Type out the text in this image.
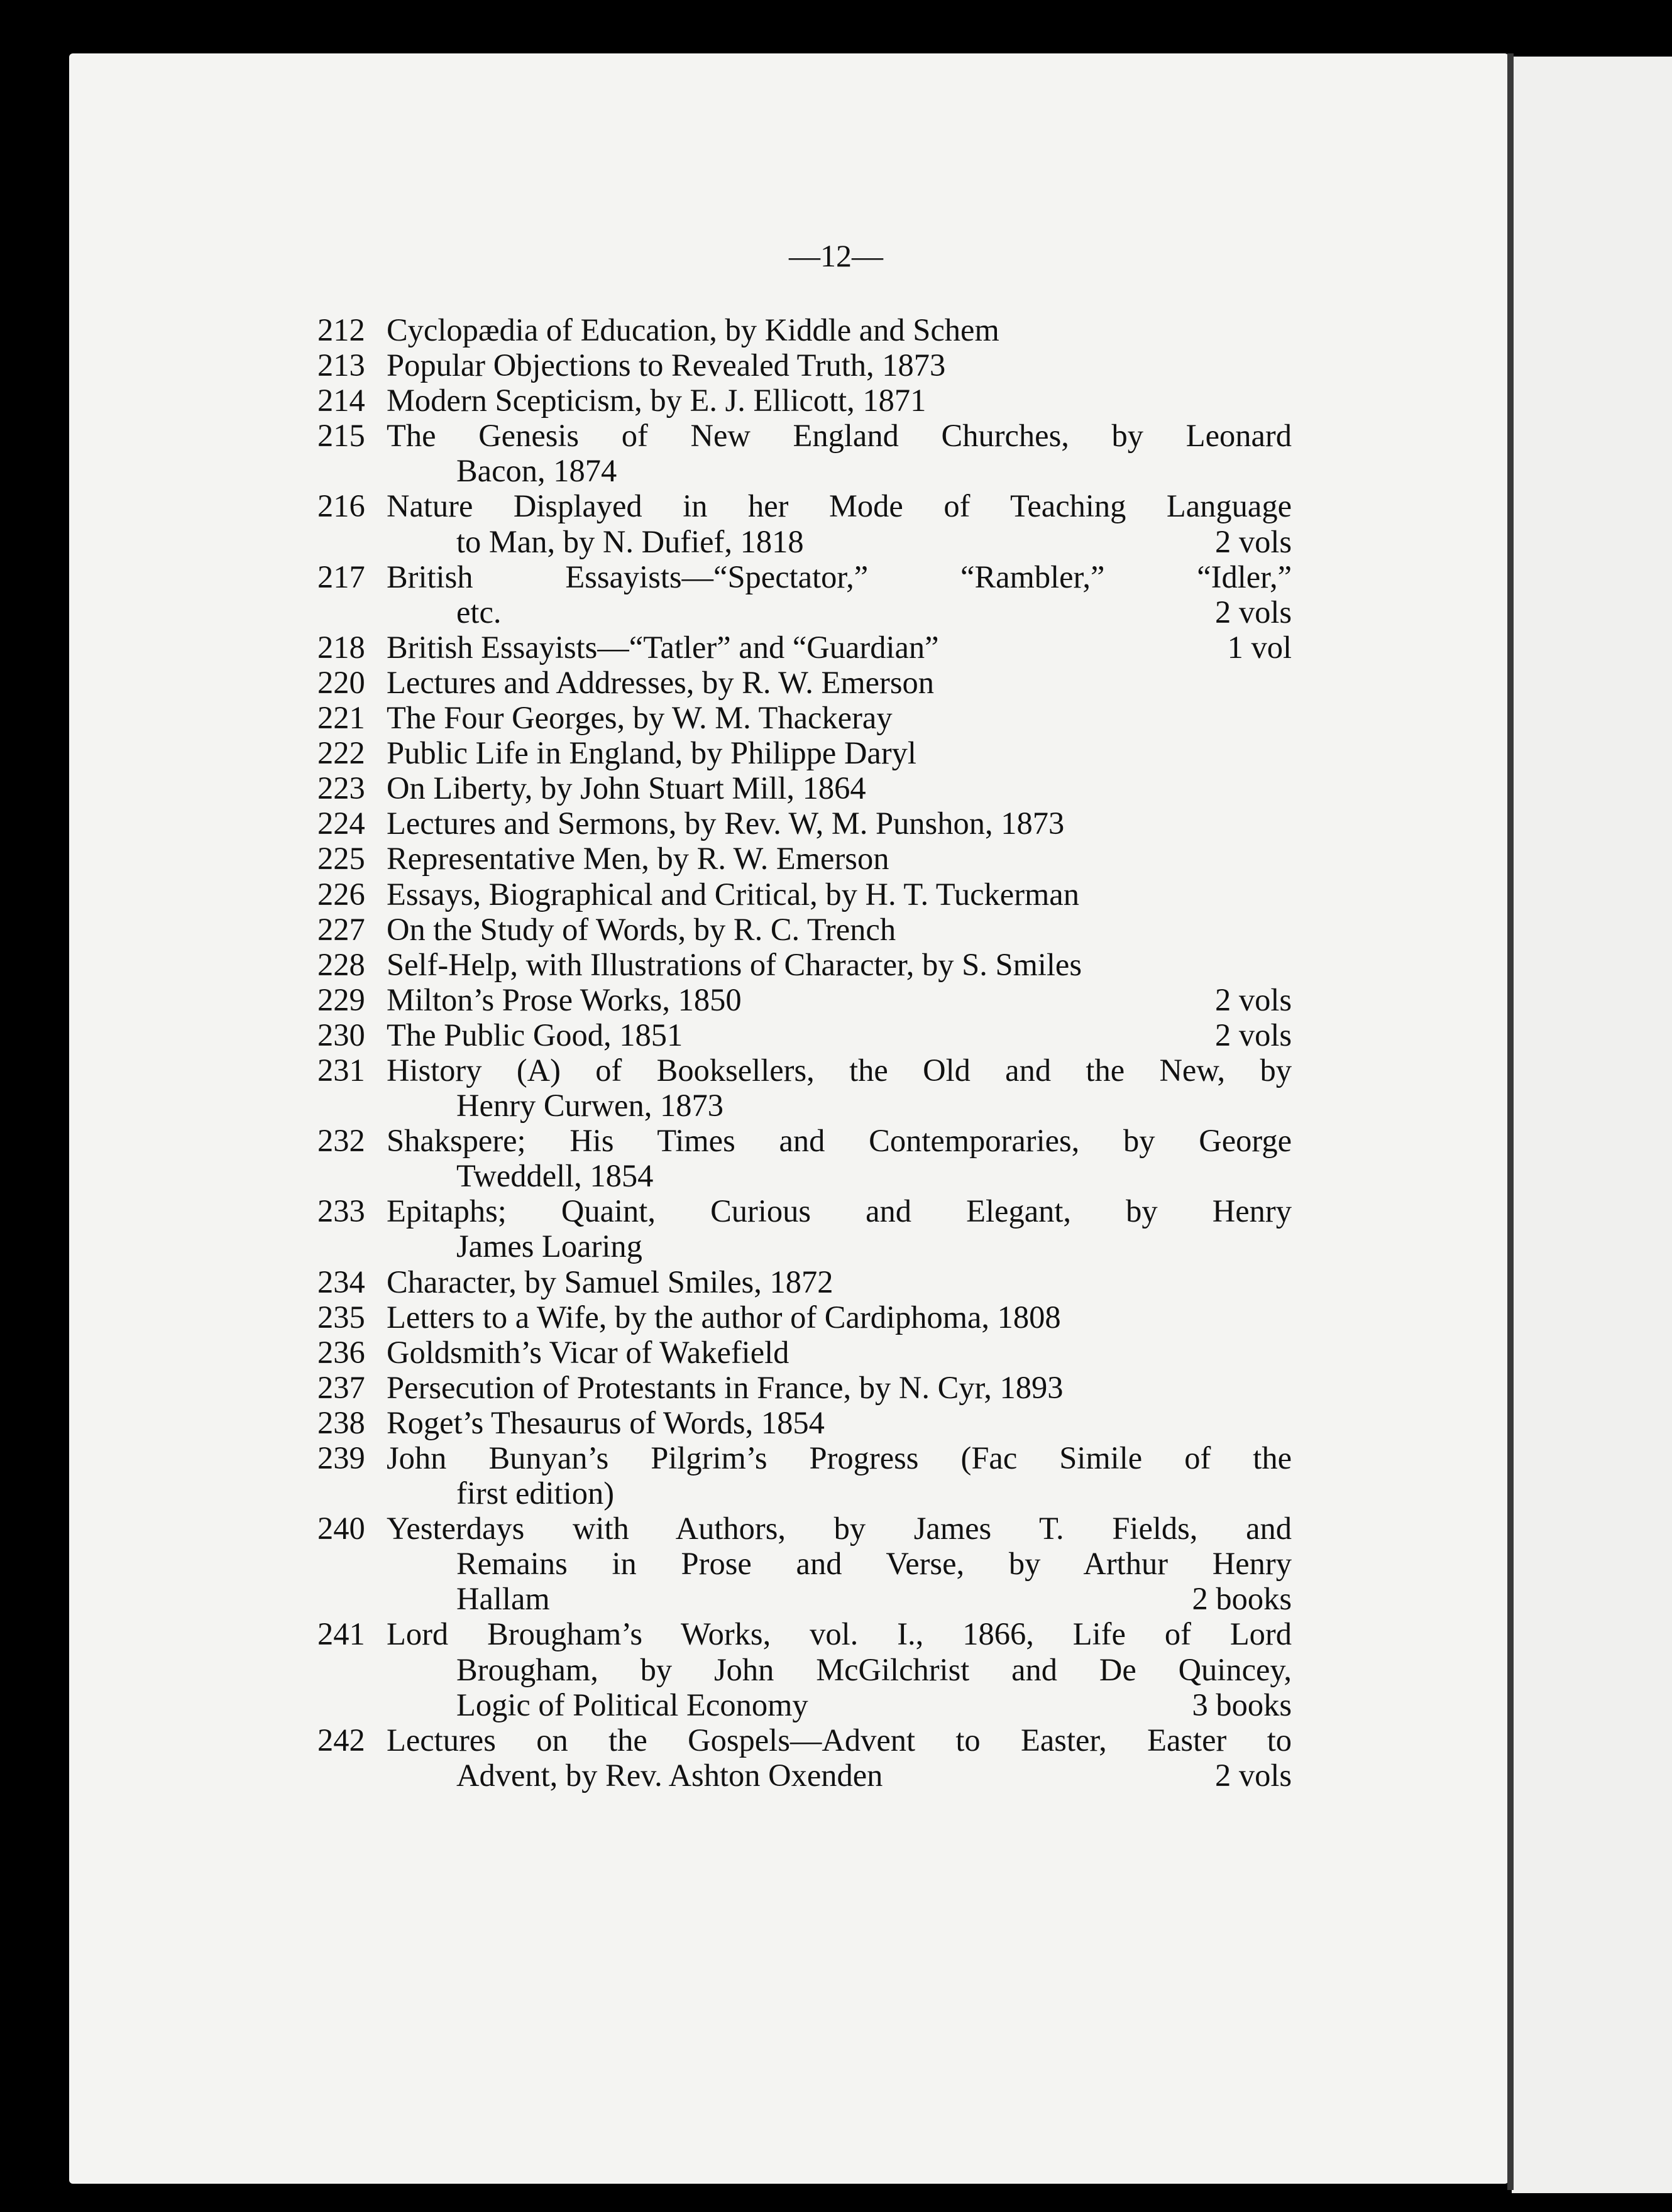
—12—
212 Cyclopædia of Education, by Kiddle and Schem
213 Popular Objections to Revealed Truth, 1873
214 Modern Scepticism, by E. J. Ellicott, 1871
215 The Genesis of New England Churches, by Leonard
Bacon, 1874
216 Nature Displayed in her Mode of Teaching Language
to Man, by N. Dufief, 1818	2 vols
217 British Essayists—“Spectator,” “Rambler,” “Idler,”
etc.	2 vols
218 British Essayists—“Tatler” and “Guardian”	1 vol
220 Lectures and Addresses, by R. W. Emerson
221 The Four Georges, by W. M. Thackeray
222 Public Life in England, by Philippe Daryl
223 On Liberty, by John Stuart Mill, 1864
224 Lectures and Sermons, by Rev. W, M. Punshon, 1873
225 Representative Men, by R. W. Emerson
226 Essays, Biographical and Critical, by H. T. Tuckerman
227 On the Study of Words, by R. C. Trench
228 Self-Help, with Illustrations of Character, by S. Smiles
229 Milton’s Prose Works, 1850	2 vols
230 The Public Good, 1851	2 vols
231 History (A) of Booksellers, the Old and the New, by
Henry Curwen, 1873
232 Shakspere; His Times and Contemporaries, by George
Tweddell, 1854
233 Epitaphs; Quaint, Curious and Elegant, by Henry
James Loaring
234 Character, by Samuel Smiles, 1872
235 Letters to a Wife, by the author of Cardiphoma, 1808
236 Goldsmith’s Vicar of Wakefield
237 Persecution of Protestants in France, by N. Cyr, 1893
238 Roget’s Thesaurus of Words, 1854
239 John Bunyan’s Pilgrim’s Progress (Fac Simile of the
first edition)
240 Yesterdays with Authors, by James T. Fields, and
Remains in Prose and Verse, by Arthur Henry
Hallam	2 books
241 Lord Brougham’s Works, vol. I., 1866, Life of Lord
Brougham, by John McGilchrist and De Quincey,
Logic of Political Economy	3 books
242 Lectures on the Gospels—Advent to Easter, Easter to
Advent, by Rev. Ashton Oxenden	2 vols
